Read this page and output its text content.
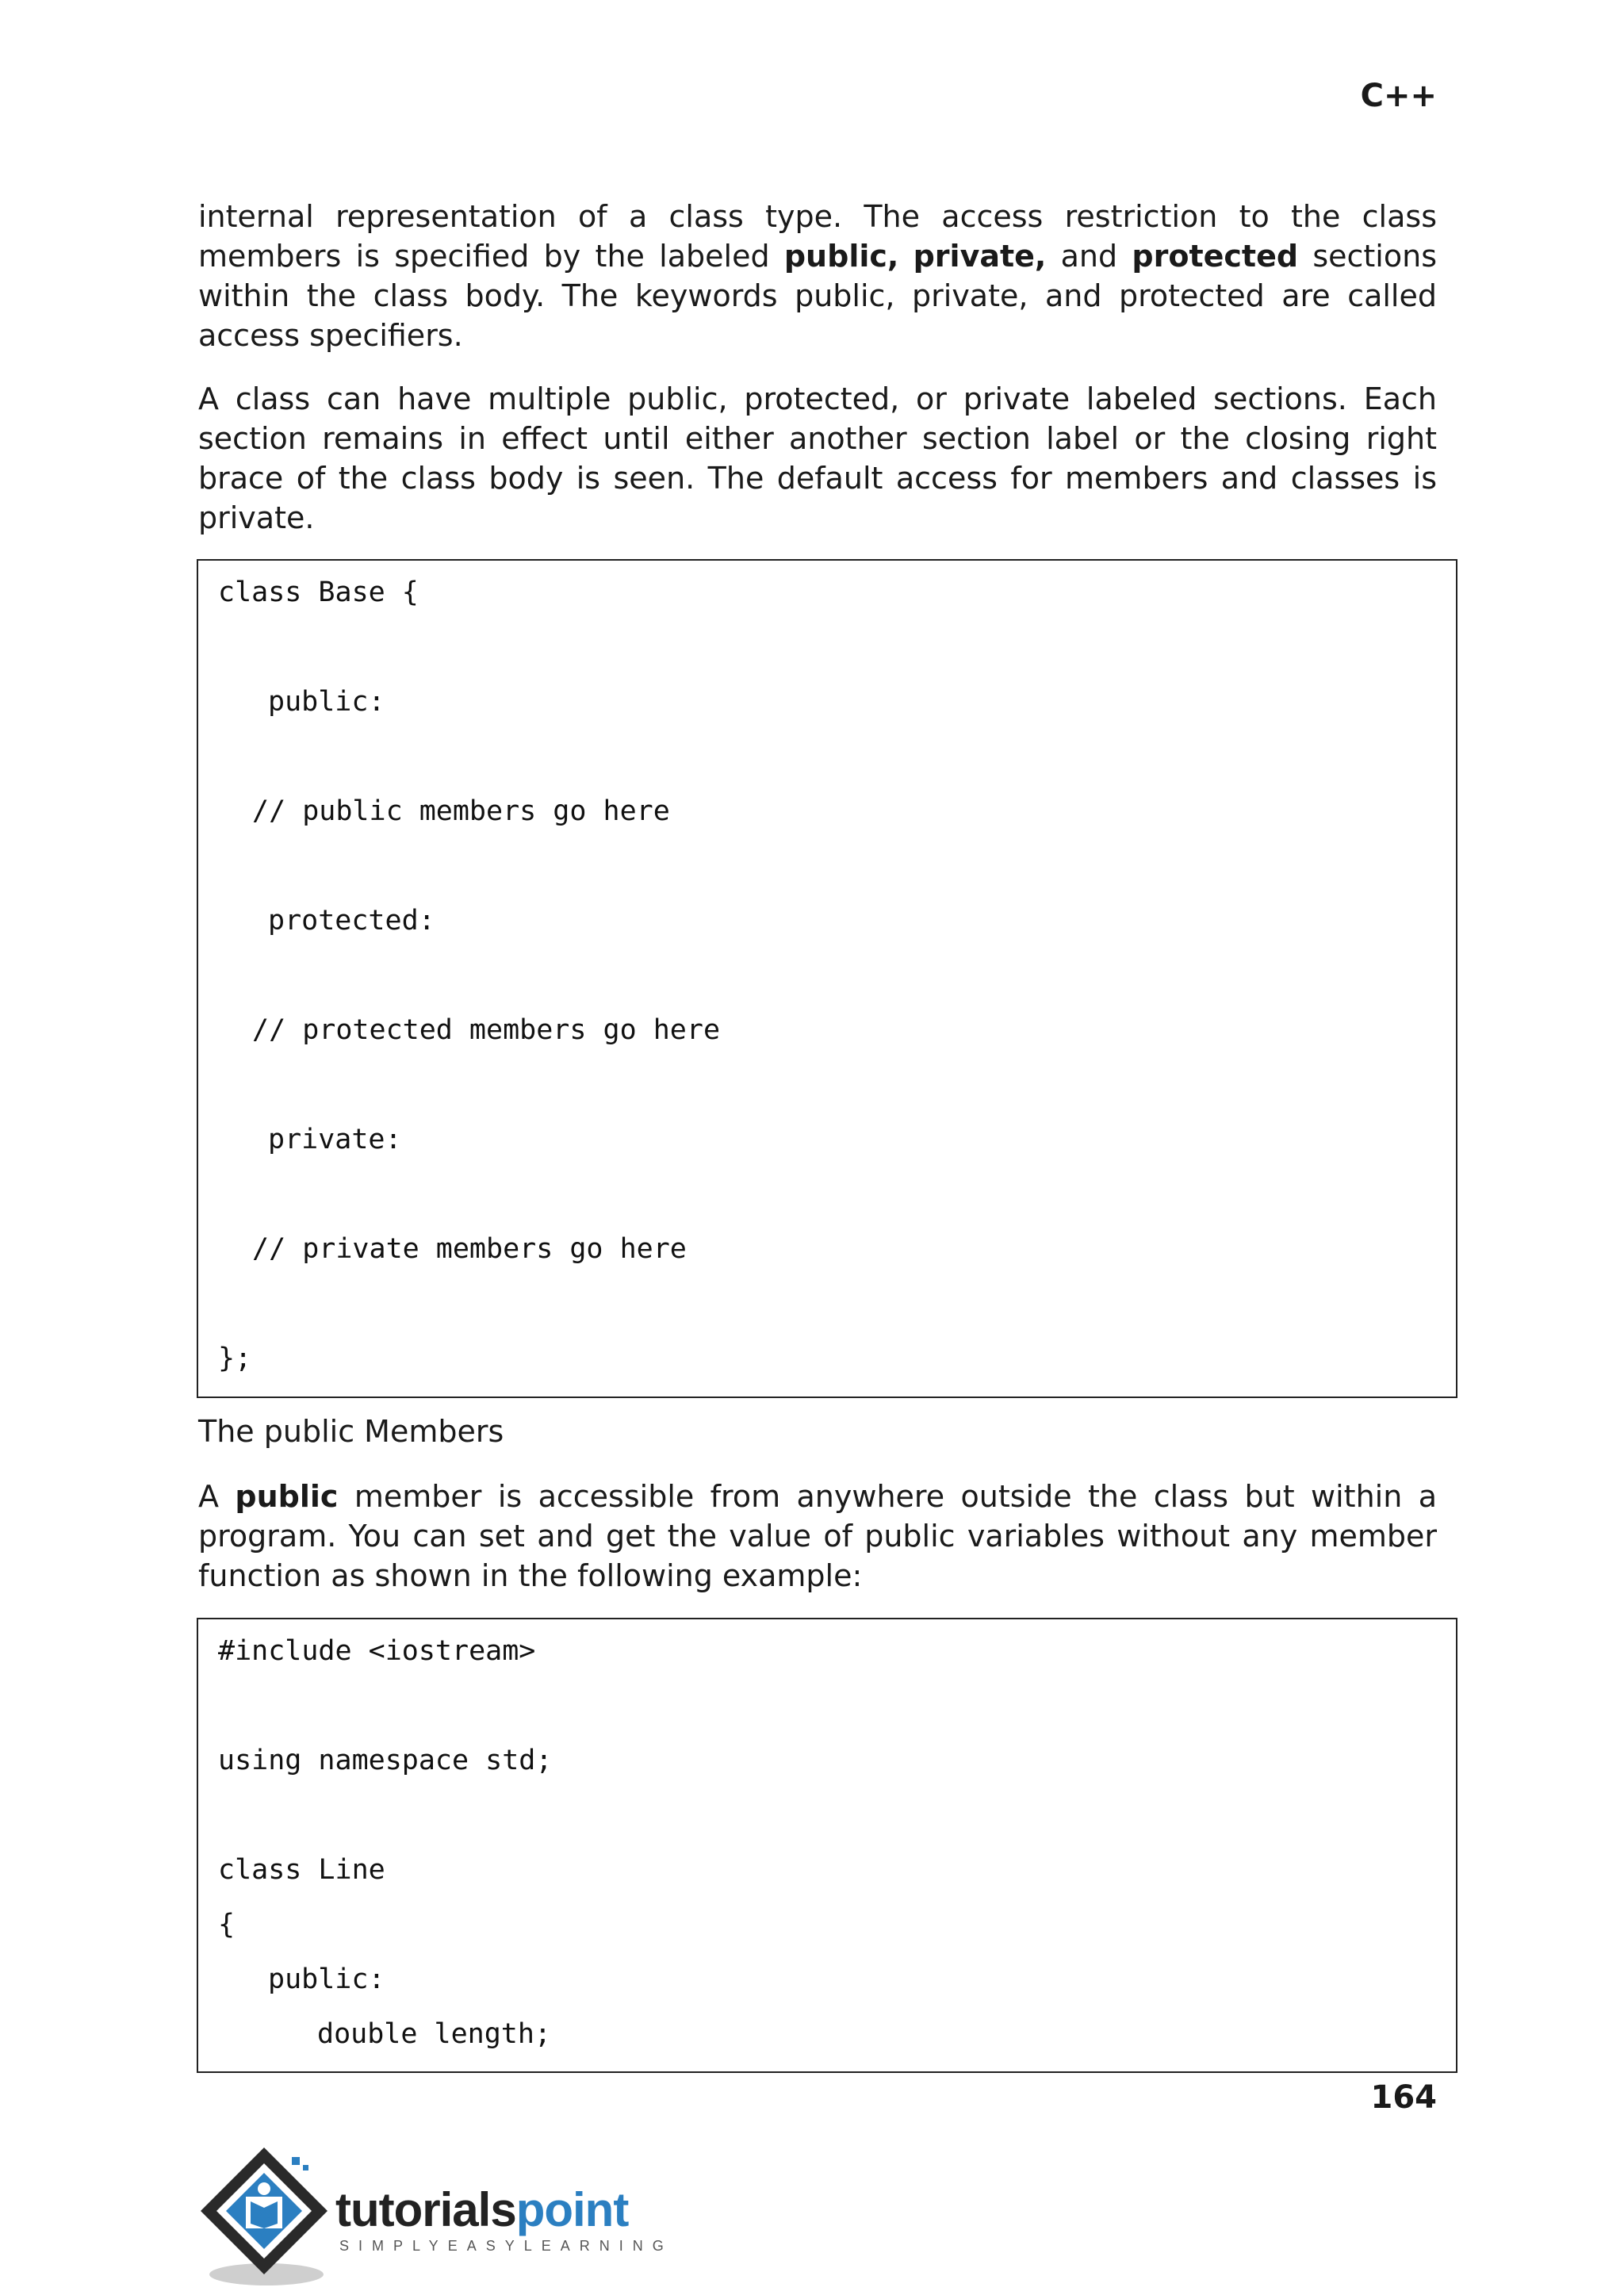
C++

internal representation of a class type. The access restriction to the class members is specified by the labeled public, private, and protected sections within the class body. The keywords public, private, and protected are called access specifiers.

A class can have multiple public, protected, or private labeled sections. Each section remains in effect until either another section label or the closing right brace of the class body is seen. The default access for members and classes is private.

class Base {
public:
// public members go here
protected:
// protected members go here
private:
// private members go here
};

The public Members

A public member is accessible from anywhere outside the class but within a program. You can set and get the value of public variables without any member function as shown in the following example:

#include <iostream>
using namespace std;
class Line
{
public:
double length;
164
tutorialspoint
SIMPLYEASYLEARNING
